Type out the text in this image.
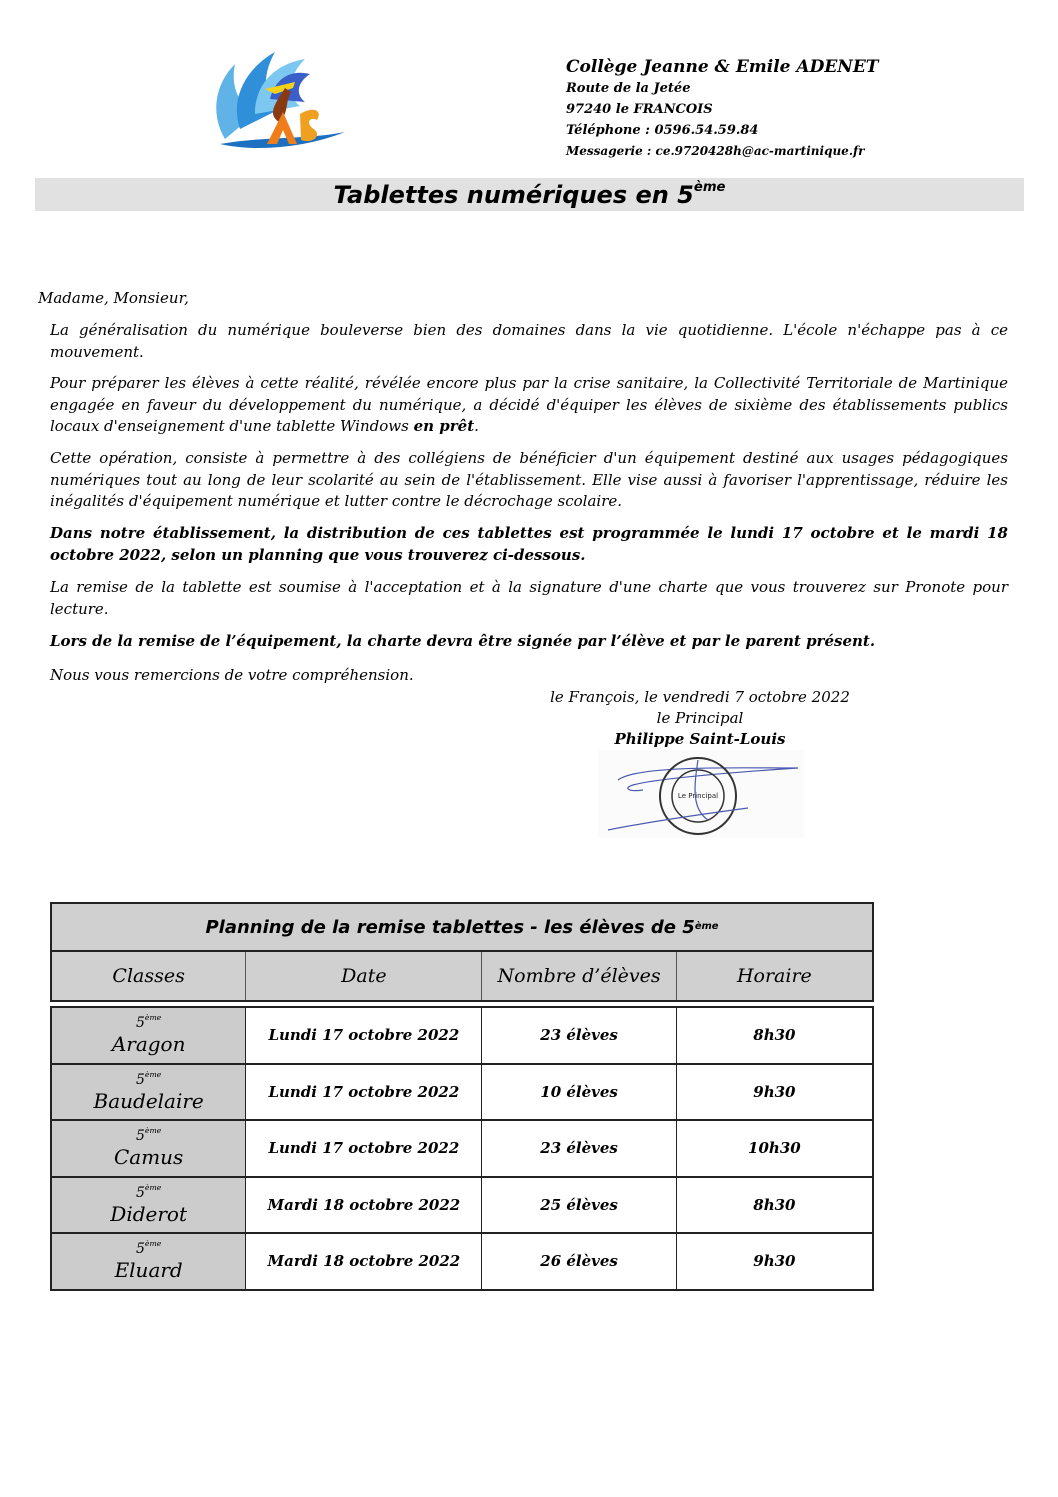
Collège Jeanne & Emile ADENET
Route de la Jetée
97240 le FRANCOIS
Téléphone : 0596.54.59.84
Messagerie : ce.9720428h@ac-martinique.fr
Tablettes numériques en 5ème
Madame, Monsieur,
La généralisation du numérique bouleverse bien des domaines dans la vie quotidienne. L'école n'échappe pas à ce mouvement.
Pour préparer les élèves à cette réalité, révélée encore plus par la crise sanitaire, la Collectivité Territoriale de Martinique engagée en faveur du développement du numérique, a décidé d'équiper les élèves de sixième des établissements publics locaux d'enseignement d'une tablette Windows en prêt.
Cette opération, consiste à permettre à des collégiens de bénéficier d'un équipement destiné aux usages pédagogiques numériques tout au long de leur scolarité au sein de l'établissement. Elle vise aussi à favoriser l'apprentissage, réduire les inégalités d'équipement numérique et lutter contre le décrochage scolaire.
Dans notre établissement, la distribution de ces tablettes est programmée le lundi 17 octobre et le mardi 18 octobre 2022, selon un planning que vous trouverez ci-dessous.
La remise de la tablette est soumise à l'acceptation et à la signature d'une charte que vous trouverez sur Pronote pour lecture.
Lors de la remise de l’équipement, la charte devra être signée par l’élève et par le parent présent.
Nous vous remercions de votre compréhension.
le François, le vendredi 7 octobre 2022
le Principal
Philippe Saint-Louis
Le Principal
Planning de la remise tablettes - les élèves de 5 ème
Classes	Date	Nombre d’élèves	Horaire
5ème
Aragon	Lundi 17 octobre 2022	23 élèves	8h30
5ème
Baudelaire	Lundi 17 octobre 2022	10 élèves	9h30
5ème
Camus	Lundi 17 octobre 2022	23 élèves	10h30
5ème
Diderot	Mardi 18 octobre 2022	25 élèves	8h30
5ème
Eluard	Mardi 18 octobre 2022	26 élèves	9h30
